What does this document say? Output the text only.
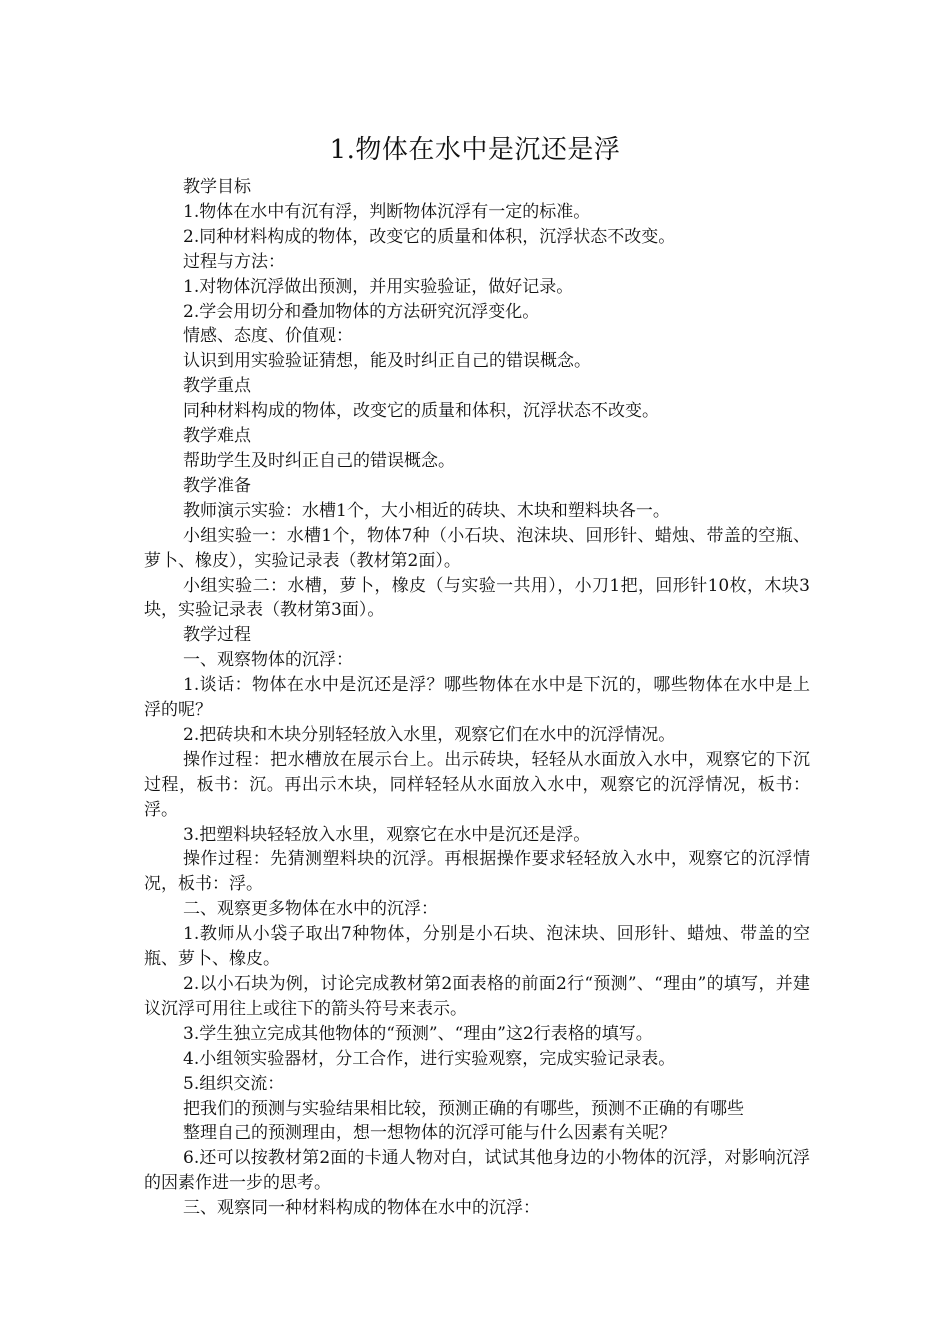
1.物体在水中是沉还是浮

教学目标

1.物体在水中有沉有浮，判断物体沉浮有一定的标准。

2.同种材料构成的物体，改变它的质量和体积，沉浮状态不改变。

过程与方法：

1.对物体沉浮做出预测，并用实验验证，做好记录。

2.学会用切分和叠加物体的方法研究沉浮变化。

情感、态度、价值观：

认识到用实验验证猜想，能及时纠正自己的错误概念。

教学重点

同种材料构成的物体，改变它的质量和体积，沉浮状态不改变。

教学难点

帮助学生及时纠正自己的错误概念。

教学准备

教师演示实验：水槽1个，大小相近的砖块、木块和塑料块各一。

小组实验一：水槽1个，物体7种（小石块、泡沫块、回形针、蜡烛、带盖的空瓶、萝卜、橡皮），实验记录表（教材第2面）。

小组实验二：水槽，萝卜，橡皮（与实验一共用），小刀1把，回形针10枚，木块3块，实验记录表（教材第3面）。

教学过程

一、观察物体的沉浮：

1.谈话：物体在水中是沉还是浮？哪些物体在水中是下沉的，哪些物体在水中是上浮的呢？

2.把砖块和木块分别轻轻放入水里，观察它们在水中的沉浮情况。

操作过程：把水槽放在展示台上。出示砖块，轻轻从水面放入水中，观察它的下沉过程，板书：沉。再出示木块，同样轻轻从水面放入水中，观察它的沉浮情况，板书：浮。

3.把塑料块轻轻放入水里，观察它在水中是沉还是浮。

操作过程：先猜测塑料块的沉浮。再根据操作要求轻轻放入水中，观察它的沉浮情况，板书：浮。

二、观察更多物体在水中的沉浮：

1.教师从小袋子取出7种物体，分别是小石块、泡沫块、回形针、蜡烛、带盖的空瓶、萝卜、橡皮。

2.以小石块为例，讨论完成教材第2面表格的前面2行“预测”、“理由”的填写，并建议沉浮可用往上或往下的箭头符号来表示。

3.学生独立完成其他物体的“预测”、“理由”这2行表格的填写。

4.小组领实验器材，分工合作，进行实验观察，完成实验记录表。

5.组织交流：

把我们的预测与实验结果相比较，预测正确的有哪些，预测不正确的有哪些

整理自己的预测理由，想一想物体的沉浮可能与什么因素有关呢？

6.还可以按教材第2面的卡通人物对白，试试其他身边的小物体的沉浮，对影响沉浮的因素作进一步的思考。

三、观察同一种材料构成的物体在水中的沉浮：
